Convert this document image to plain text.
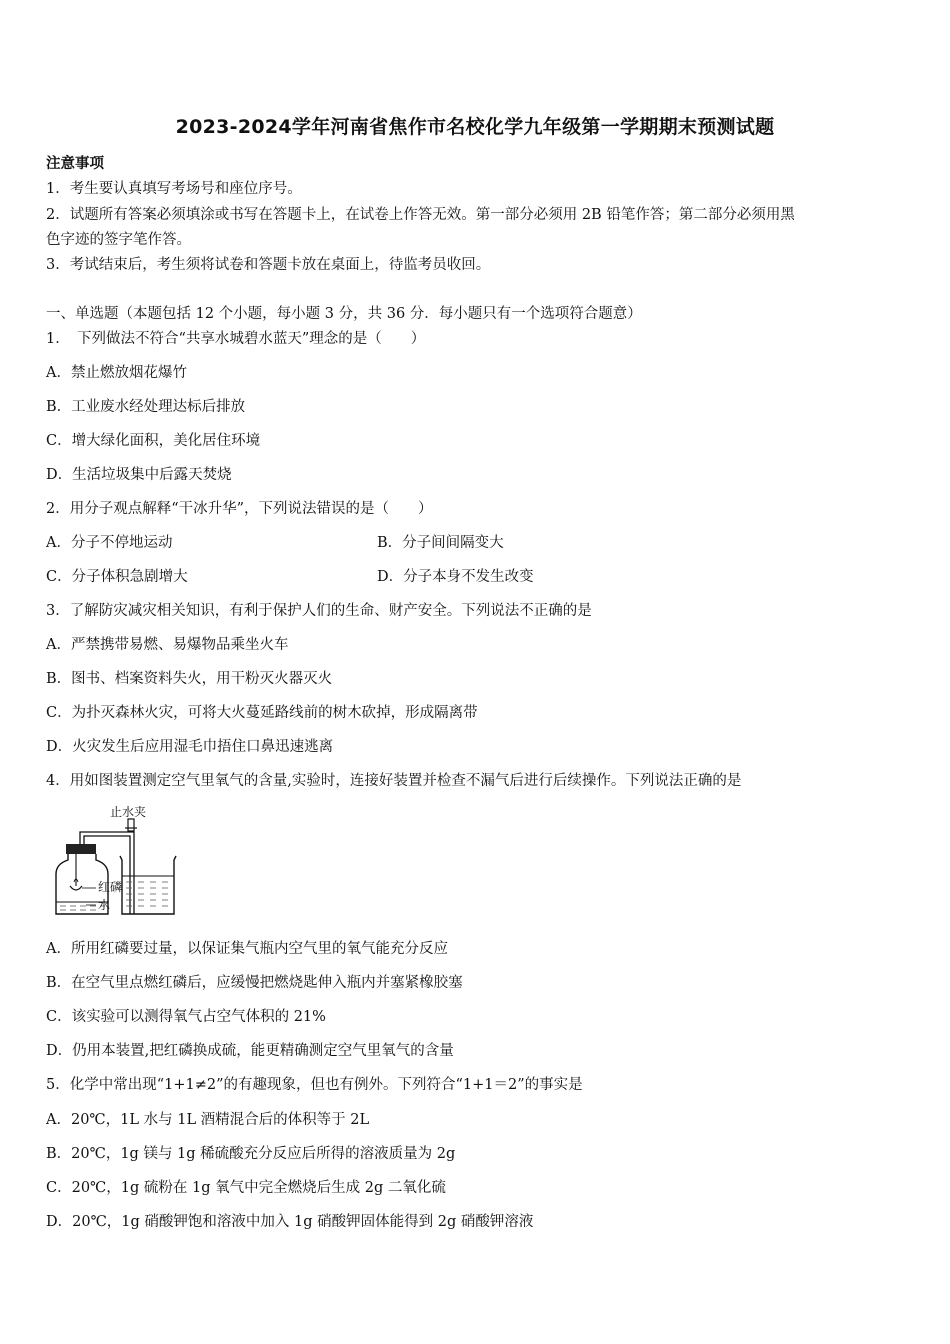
2023-2024学年河南省焦作市名校化学九年级第一学期期末预测试题
注意事项
1．考生要认真填写考场号和座位序号。
2．试题所有答案必须填涂或书写在答题卡上，在试卷上作答无效。第一部分必须用 2B 铅笔作答；第二部分必须用黑
色字迹的签字笔作答。
3．考试结束后，考生须将试卷和答题卡放在桌面上，待监考员收回。
一、单选题（本题包括 12 个小题，每小题 3 分，共 36 分．每小题只有一个选项符合题意）
1．　下列做法不符合“共享水城碧水蓝天”理念的是（　　）
A．禁止燃放烟花爆竹
B．工业废水经处理达标后排放
C．增大绿化面积，美化居住环境
D．生活垃圾集中后露天焚烧
2．用分子观点解释“干冰升华”，下列说法错误的是（　　）
A．分子不停地运动	B．分子间间隔变大
C．分子体积急剧增大	D．分子本身不发生改变
3．了解防灾减灾相关知识，有利于保护人们的生命、财产安全。下列说法不正确的是
A．严禁携带易燃、易爆物品乘坐火车
B．图书、档案资料失火，用干粉灭火器灭火
C．为扑灭森林火灾，可将大火蔓延路线前的树木砍掉，形成隔离带
D．火灾发生后应用湿毛巾捂住口鼻迅速逃离
4．用如图装置测定空气里氧气的含量,实验时，连接好装置并检查不漏气后进行后续操作。下列说法正确的是
止水夹
红磷
水
A．所用红磷要过量，以保证集气瓶内空气里的氧气能充分反应
B．在空气里点燃红磷后，应缓慢把燃烧匙伸入瓶内并塞紧橡胶塞
C．该实验可以测得氧气占空气体积的 21%
D．仍用本装置,把红磷换成硫，能更精确测定空气里氧气的含量
5．化学中常出现“1+1≠2”的有趣现象，但也有例外。下列符合“1+1＝2”的事实是
A．20℃，1L 水与 1L 酒精混合后的体积等于 2L
B．20℃，1g 镁与 1g 稀硫酸充分反应后所得的溶液质量为 2g
C．20℃，1g 硫粉在 1g 氧气中完全燃烧后生成 2g 二氧化硫
D．20℃，1g 硝酸钾饱和溶液中加入 1g 硝酸钾固体能得到 2g 硝酸钾溶液
